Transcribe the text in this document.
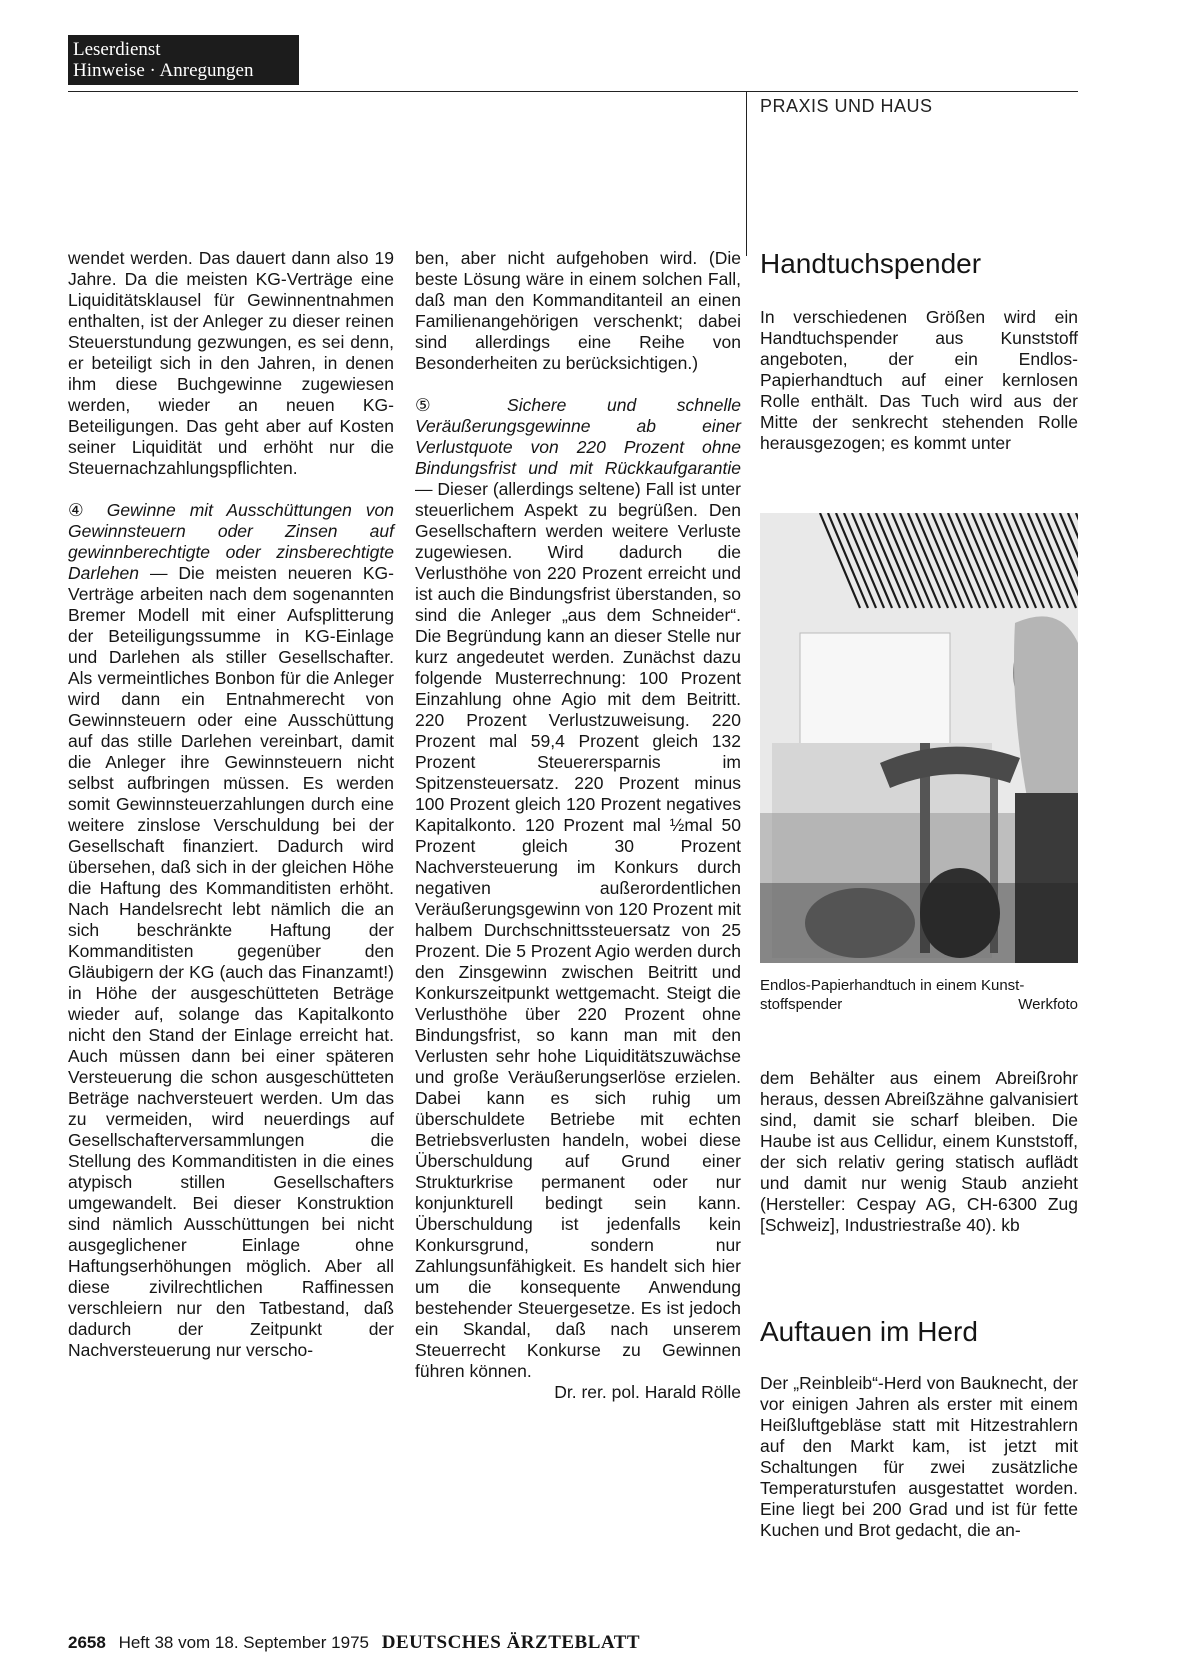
Leserdienst
Hinweise · Anregungen
PRAXIS UND HAUS

wendet werden. Das dauert dann also 19 Jahre. Da die meisten KG-Verträge eine Liquiditätsklausel für Gewinnentnahmen enthalten, ist der Anleger zu dieser reinen Steuerstundung gezwungen, es sei denn, er beteiligt sich in den Jahren, in denen ihm diese Buchgewinne zugewiesen werden, wieder an neuen KG-Beteiligungen. Das geht aber auf Kosten seiner Liquidität und erhöht nur die Steuernachzahlungspflichten.

④ Gewinne mit Ausschüttungen von Gewinnsteuern oder Zinsen auf gewinnberechtigte oder zinsberechtigte Darlehen — Die meisten neueren KG-Verträge arbeiten nach dem sogenannten Bremer Modell mit einer Aufsplitterung der Beteiligungssumme in KG-Einlage und Darlehen als stiller Gesellschafter. Als vermeintliches Bonbon für die Anleger wird dann ein Entnahmerecht von Gewinnsteuern oder eine Ausschüttung auf das stille Darlehen vereinbart, damit die Anleger ihre Gewinnsteuern nicht selbst aufbringen müssen. Es werden somit Gewinnsteuerzahlungen durch eine weitere zinslose Verschuldung bei der Gesellschaft finanziert. Dadurch wird übersehen, daß sich in der gleichen Höhe die Haftung des Kommanditisten erhöht. Nach Handelsrecht lebt nämlich die an sich beschränkte Haftung der Kommanditisten gegenüber den Gläubigern der KG (auch das Finanzamt!) in Höhe der ausgeschütteten Beträge wieder auf, solange das Kapitalkonto nicht den Stand der Einlage erreicht hat. Auch müssen dann bei einer späteren Versteuerung die schon ausgeschütteten Beträge nachversteuert werden. Um das zu vermeiden, wird neuerdings auf Gesellschafterversammlungen die Stellung des Kommanditisten in die eines atypisch stillen Gesellschafters umgewandelt. Bei dieser Konstruktion sind nämlich Ausschüttungen bei nicht ausgeglichener Einlage ohne Haftungserhöhungen möglich. Aber all diese zivilrechtlichen Raffinessen verschleiern nur den Tatbestand, daß dadurch der Zeitpunkt der Nachversteuerung nur verscho-

ben, aber nicht aufgehoben wird. (Die beste Lösung wäre in einem solchen Fall, daß man den Kommanditanteil an einen Familienangehörigen verschenkt; dabei sind allerdings eine Reihe von Besonderheiten zu berücksichtigen.)

⑤ Sichere und schnelle Veräußerungsgewinne ab einer Verlustquote von 220 Prozent ohne Bindungsfrist und mit Rückkaufgarantie — Dieser (allerdings seltene) Fall ist unter steuerlichem Aspekt zu begrüßen. Den Gesellschaftern werden weitere Verluste zugewiesen. Wird dadurch die Verlusthöhe von 220 Prozent erreicht und ist auch die Bindungsfrist überstanden, so sind die Anleger „aus dem Schneider“. Die Begründung kann an dieser Stelle nur kurz angedeutet werden. Zunächst dazu folgende Musterrechnung: 100 Prozent Einzahlung ohne Agio mit dem Beitritt. 220 Prozent Verlustzuweisung. 220 Prozent mal 59,4 Prozent gleich 132 Prozent Steuerersparnis im Spitzensteuersatz. 220 Prozent minus 100 Prozent gleich 120 Prozent negatives Kapitalkonto. 120 Prozent mal ½mal 50 Prozent gleich 30 Prozent Nachversteuerung im Konkurs durch negativen außerordentlichen Veräußerungsgewinn von 120 Prozent mit halbem Durchschnittssteuersatz von 25 Prozent. Die 5 Prozent Agio werden durch den Zinsgewinn zwischen Beitritt und Konkurszeitpunkt wettgemacht. Steigt die Verlusthöhe über 220 Prozent ohne Bindungsfrist, so kann man mit den Verlusten sehr hohe Liquiditätszuwächse und große Veräußerungserlöse erzielen. Dabei kann es sich ruhig um überschuldete Betriebe mit echten Betriebsverlusten handeln, wobei diese Überschuldung auf Grund einer Strukturkrise permanent oder nur konjunkturell bedingt sein kann. Überschuldung ist jedenfalls kein Konkursgrund, sondern nur Zahlungsunfähigkeit. Es handelt sich hier um die konsequente Anwendung bestehender Steuergesetze. Es ist jedoch ein Skandal, daß nach unserem Steuerrecht Konkurse zu Gewinnen führen können.

Dr. rer. pol. Harald Rölle

Handtuchspender

In verschiedenen Größen wird ein Handtuchspender aus Kunststoff angeboten, der ein Endlos-Papierhandtuch auf einer kernlosen Rolle enthält. Das Tuch wird aus der Mitte der senkrecht stehenden Rolle herausgezogen; es kommt unter

Endlos-Papierhandtuch in einem Kunst-
stoffspender	Werkfoto

dem Behälter aus einem Abreißrohr heraus, dessen Abreißzähne galvanisiert sind, damit sie scharf bleiben. Die Haube ist aus Cellidur, einem Kunststoff, der sich relativ gering statisch auflädt und damit nur wenig Staub anzieht (Hersteller: Cespay AG, CH-6300 Zug [Schweiz], Industriestraße 40). kb

Auftauen im Herd

Der „Reinbleib“-Herd von Bauknecht, der vor einigen Jahren als erster mit einem Heißluftgebläse statt mit Hitzestrahlern auf den Markt kam, ist jetzt mit Schaltungen für zwei zusätzliche Temperaturstufen ausgestattet worden. Eine liegt bei 200 Grad und ist für fette Kuchen und Brot gedacht, die an-

2658 Heft 38 vom 18. September 1975 DEUTSCHES ÄRZTEBLATT
